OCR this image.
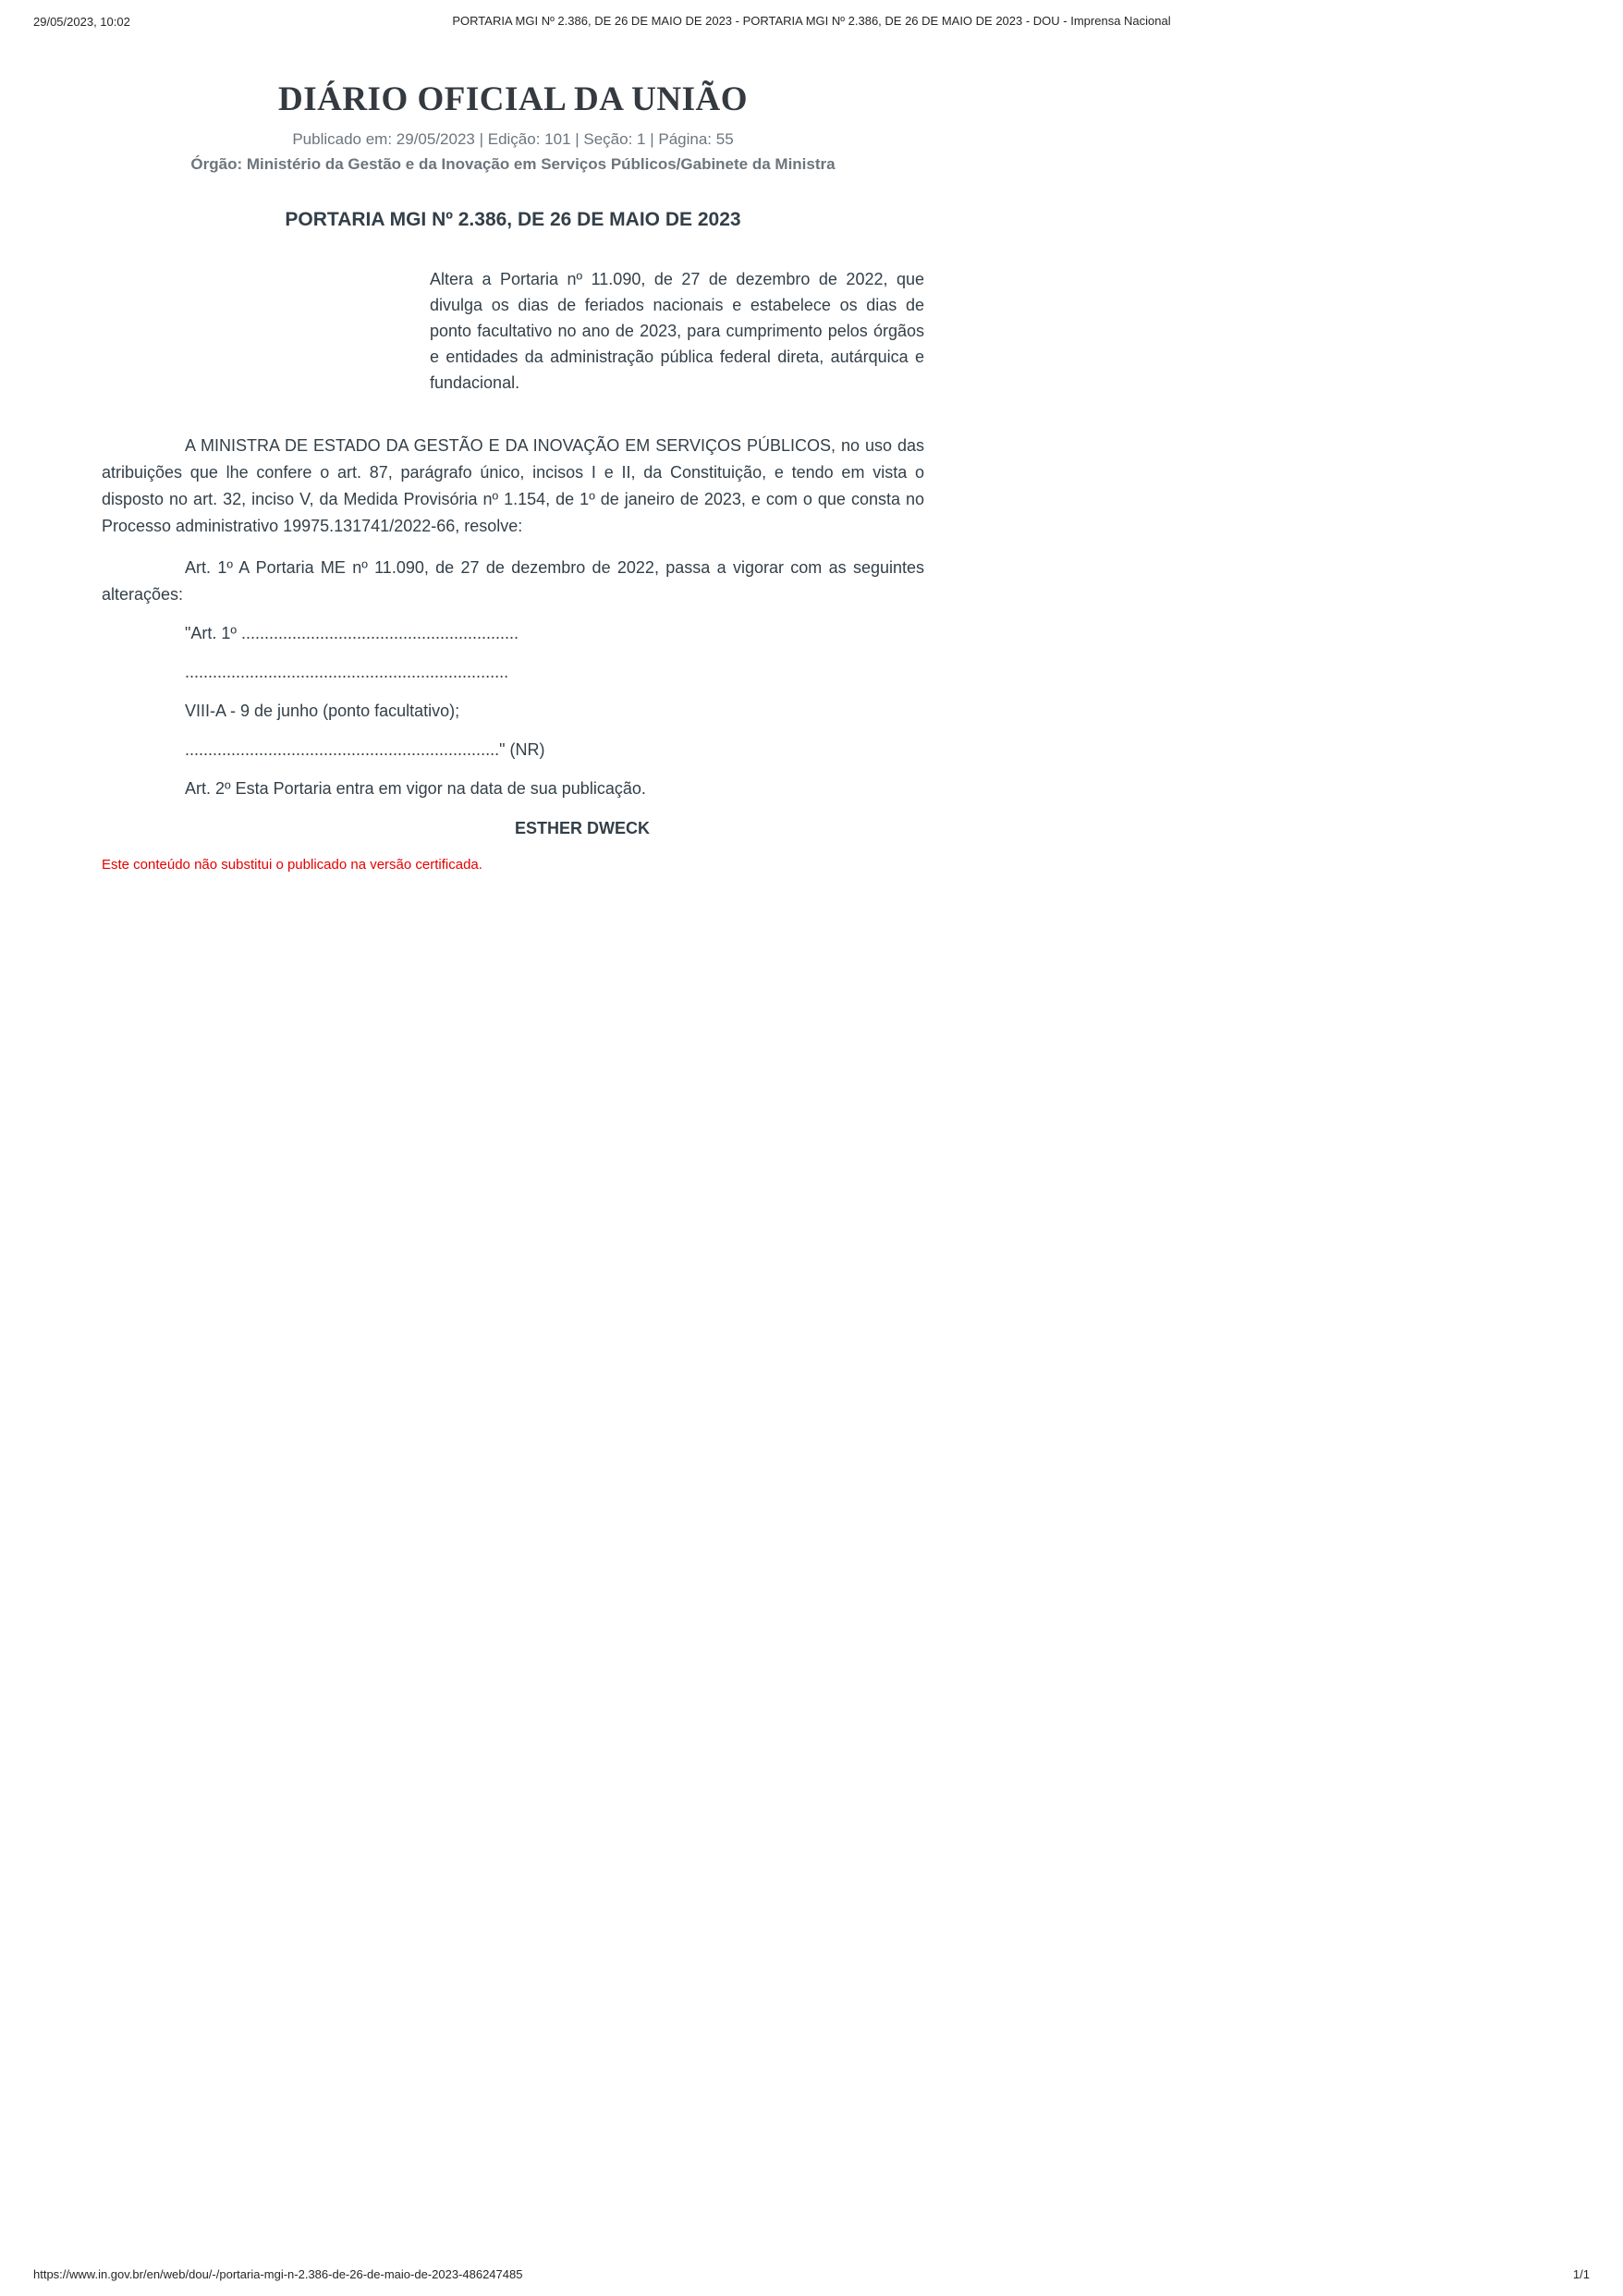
29/05/2023, 10:02	PORTARIA MGI Nº 2.386, DE 26 DE MAIO DE 2023 - PORTARIA MGI Nº 2.386, DE 26 DE MAIO DE 2023 - DOU - Imprensa Nacional
DIÁRIO OFICIAL DA UNIÃO

Publicado em: 29/05/2023 | Edição: 101 | Seção: 1 | Página: 55

Órgão: Ministério da Gestão e da Inovação em Serviços Públicos/Gabinete da Ministra

PORTARIA MGI Nº 2.386, DE 26 DE MAIO DE 2023

Altera a Portaria nº 11.090, de 27 de dezembro de 2022, que divulga os dias de feriados nacionais e estabelece os dias de ponto facultativo no ano de 2023, para cumprimento pelos órgãos e entidades da administração pública federal direta, autárquica e fundacional.

A MINISTRA DE ESTADO DA GESTÃO E DA INOVAÇÃO EM SERVIÇOS PÚBLICOS, no uso das atribuições que lhe confere o art. 87, parágrafo único, incisos I e II, da Constituição, e tendo em vista o disposto no art. 32, inciso V, da Medida Provisória nº 1.154, de 1º de janeiro de 2023, e com o que consta no Processo administrativo 19975.131741/2022-66, resolve:

Art. 1º A Portaria ME nº 11.090, de 27 de dezembro de 2022, passa a vigorar com as seguintes alterações:

"Art. 1º ............................................................

......................................................................

VIII-A - 9 de junho (ponto facultativo);

...................................................................." (NR)

Art. 2º Esta Portaria entra em vigor na data de sua publicação.

ESTHER DWECK

Este conteúdo não substitui o publicado na versão certificada.

https://www.in.gov.br/en/web/dou/-/portaria-mgi-n-2.386-de-26-de-maio-de-2023-486247485	1/1
